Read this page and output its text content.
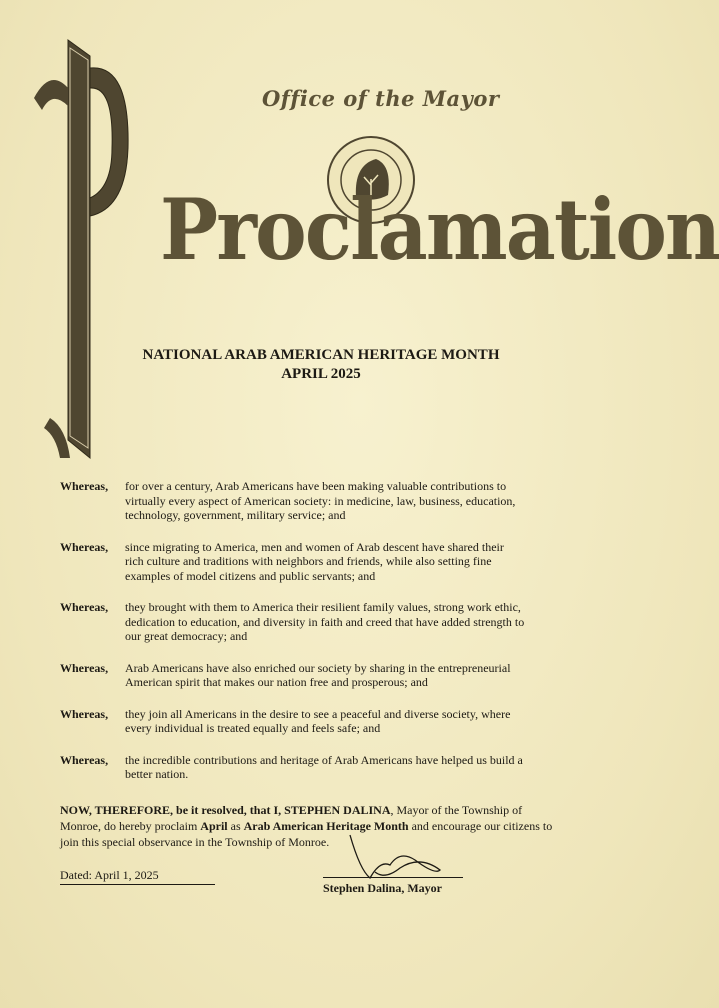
Office of the Mayor
Proclamation
NATIONAL ARAB AMERICAN HERITAGE MONTH
APRIL 2025
Whereas,	for over a century, Arab Americans have been making valuable contributions to virtually every aspect of American society: in medicine, law, business, education, technology, government, military service; and
Whereas,	since migrating to America, men and women of Arab descent have shared their rich culture and traditions with neighbors and friends, while also setting fine examples of model citizens and public servants; and
Whereas,	they brought with them to America their resilient family values, strong work ethic, dedication to education, and diversity in faith and creed that have added strength to our great democracy; and
Whereas,	Arab Americans have also enriched our society by sharing in the entrepreneurial American spirit that makes our nation free and prosperous; and
Whereas,	they join all Americans in the desire to see a peaceful and diverse society, where every individual is treated equally and feels safe; and
Whereas,	the incredible contributions and heritage of Arab Americans have helped us build a better nation.
NOW, THEREFORE, be it resolved, that I, STEPHEN DALINA, Mayor of the Township of Monroe, do hereby proclaim April as Arab American Heritage Month and encourage our citizens to join this special observance in the Township of Monroe.
Dated: April 1, 2025
Stephen Dalina, Mayor
